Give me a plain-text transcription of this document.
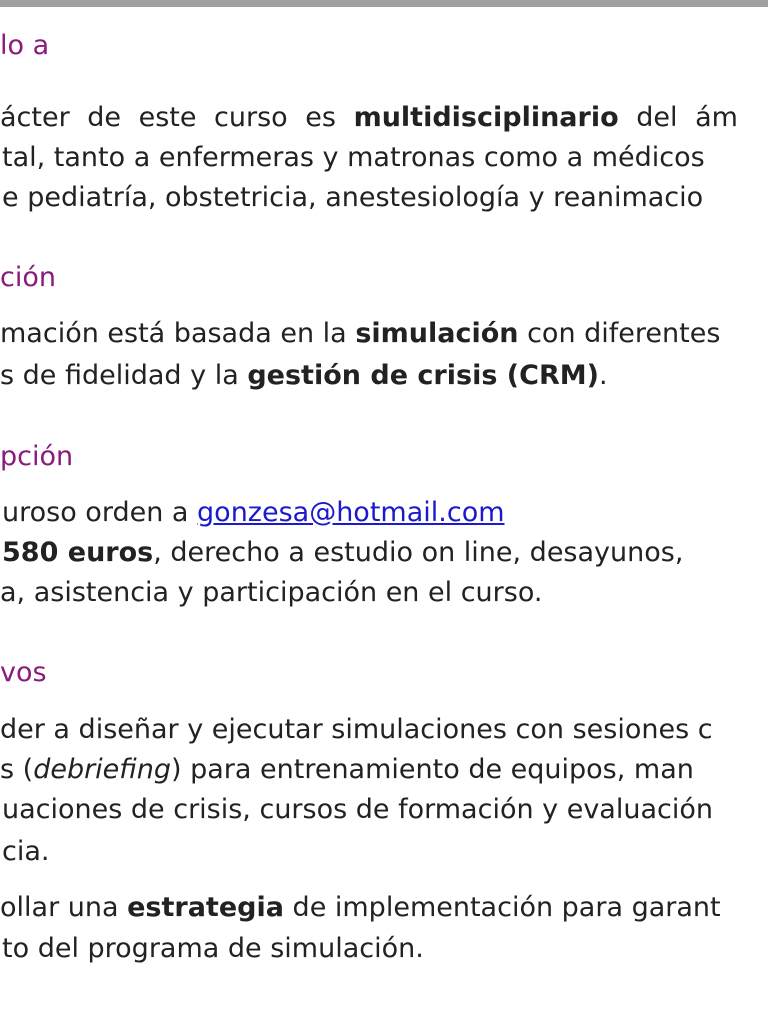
lo a
ácter de este curso es multidisciplinario del ám
tal, tanto a enfermeras y matronas como a médicos
e pediatría, obstetricia, anestesiología y reanimacio
ción
mación está basada en la simulación con diferentes
s de fidelidad y la gestión de crisis (CRM).
pción
uroso orden a gonzesa@hotmail.com
580 euros, derecho a estudio on line, desayunos,
a, asistencia y participación en el curso.
vos
der a diseñar y ejecutar simulaciones con sesiones c
s (debriefing) para entrenamiento de equipos, man
uaciones de crisis, cursos de formación y evaluación
cia.
ollar una estrategia de implementación para garant
to del programa de simulación.
